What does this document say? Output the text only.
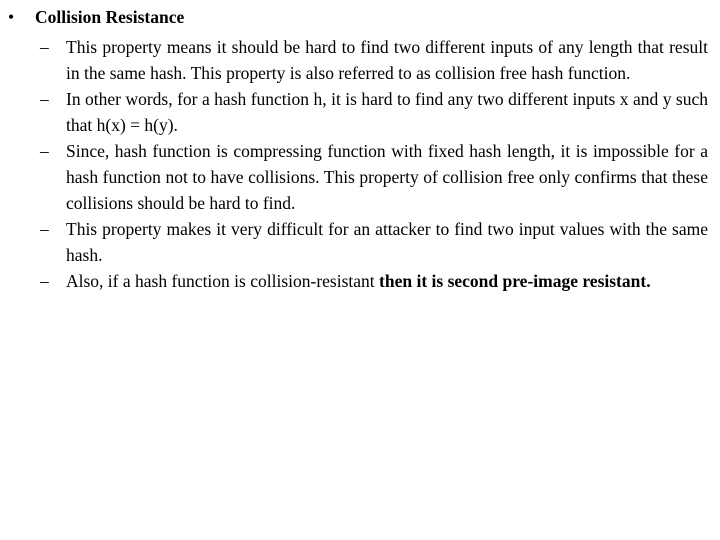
•	Collision Resistance
– This property means it should be hard to find two different inputs of any length that result in the same hash. This property is also referred to as collision free hash function.
– In other words, for a hash function h, it is hard to find any two different inputs x and y such that h(x) = h(y).
– Since, hash function is compressing function with fixed hash length, it is impossible for a hash function not to have collisions. This property of collision free only confirms that these collisions should be hard to find.
– This property makes it very difficult for an attacker to find two input values with the same hash.
– Also, if a hash function is collision-resistant then it is second pre-image resistant.
